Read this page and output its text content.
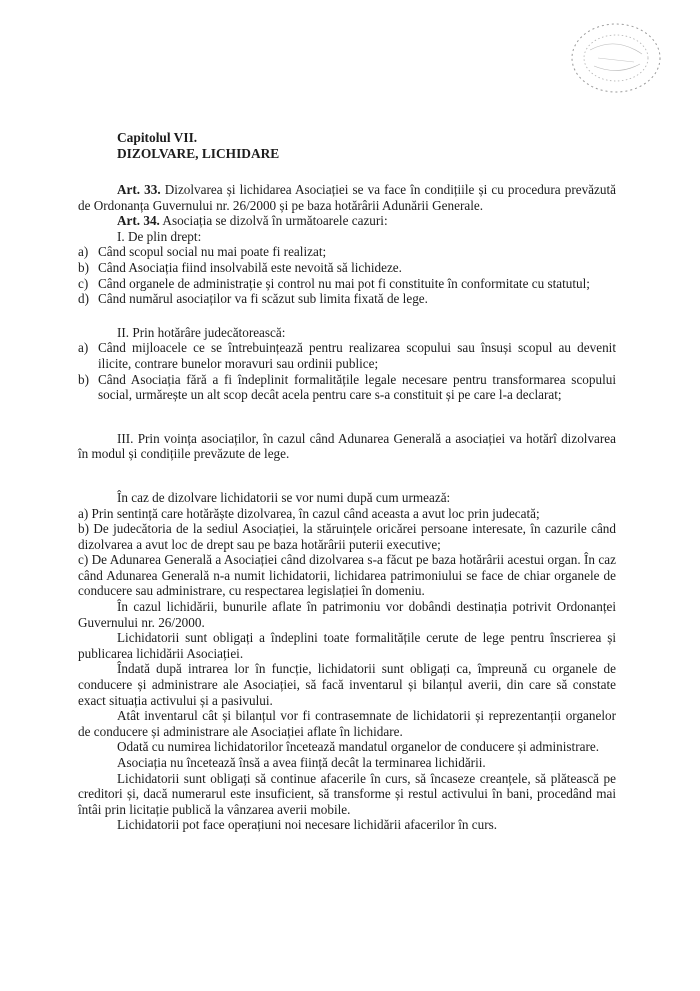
Capitolul VII.
DIZOLVARE, LICHIDARE

Art. 33. Dizolvarea și lichidarea Asociației se va face în condițiile și cu procedura prevăzută de Ordonanța Guvernului nr. 26/2000 și pe baza hotărârii Adunării Generale.

Art. 34. Asociația se dizolvă în următoarele cazuri:

I. De plin drept:

a) Când scopul social nu mai poate fi realizat;
b) Când Asociația fiind insolvabilă este nevoită să lichideze.
c) Când organele de administrație și control nu mai pot fi constituite în conformitate cu statutul;
d) Când numărul asociaților va fi scăzut sub limita fixată de lege.

II. Prin hotărâre judecătorească:

a) Când mijloacele ce se întrebuințează pentru realizarea scopului sau însuși scopul au devenit ilicite, contrare bunelor moravuri sau ordinii publice;
b) Când Asociația fără a fi îndeplinit formalitățile legale necesare pentru transformarea scopului social, urmărește un alt scop decât acela pentru care s-a constituit și pe care l-a declarat;

III. Prin voința asociaților, în cazul când Adunarea Generală a asociației va hotărî dizolvarea în modul și condițiile prevăzute de lege.

În caz de dizolvare lichidatorii se vor numi după cum urmează:

a) Prin sentință care hotărăște dizolvarea, în cazul când aceasta a avut loc prin judecată;

b) De judecătoria de la sediul Asociației, la stăruințele oricărei persoane interesate, în cazurile când dizolvarea a avut loc de drept sau pe baza hotărârii puterii executive;

c) De Adunarea Generală a Asociației când dizolvarea s-a făcut pe baza hotărârii acestui organ. În caz când Adunarea Generală n-a numit lichidatorii, lichidarea patrimoniului se face de chiar organele de conducere sau administrare, cu respectarea legislației în domeniu.

În cazul lichidării, bunurile aflate în patrimoniu vor dobândi destinația potrivit Ordonanței Guvernului nr. 26/2000.

Lichidatorii sunt obligați a îndeplini toate formalitățile cerute de lege pentru înscrierea și publicarea lichidării Asociației.

Îndată după intrarea lor în funcție, lichidatorii sunt obligați ca, împreună cu organele de conducere și administrare ale Asociației, să facă inventarul și bilanțul averii, din care să constate exact situația activului și a pasivului.

Atât inventarul cât și bilanțul vor fi contrasemnate de lichidatorii și reprezentanții organelor de conducere și administrare ale Asociației aflate în lichidare.

Odată cu numirea lichidatorilor încetează mandatul organelor de conducere și administrare.

Asociația nu încetează însă a avea ființă decât la terminarea lichidării.

Lichidatorii sunt obligați să continue afacerile în curs, să încaseze creanțele, să plătească pe creditori și, dacă numerarul este insuficient, să transforme și restul activului în bani, procedând mai întâi prin licitație publică la vânzarea averii mobile.

Lichidatorii pot face operațiuni noi necesare lichidării afacerilor în curs.
